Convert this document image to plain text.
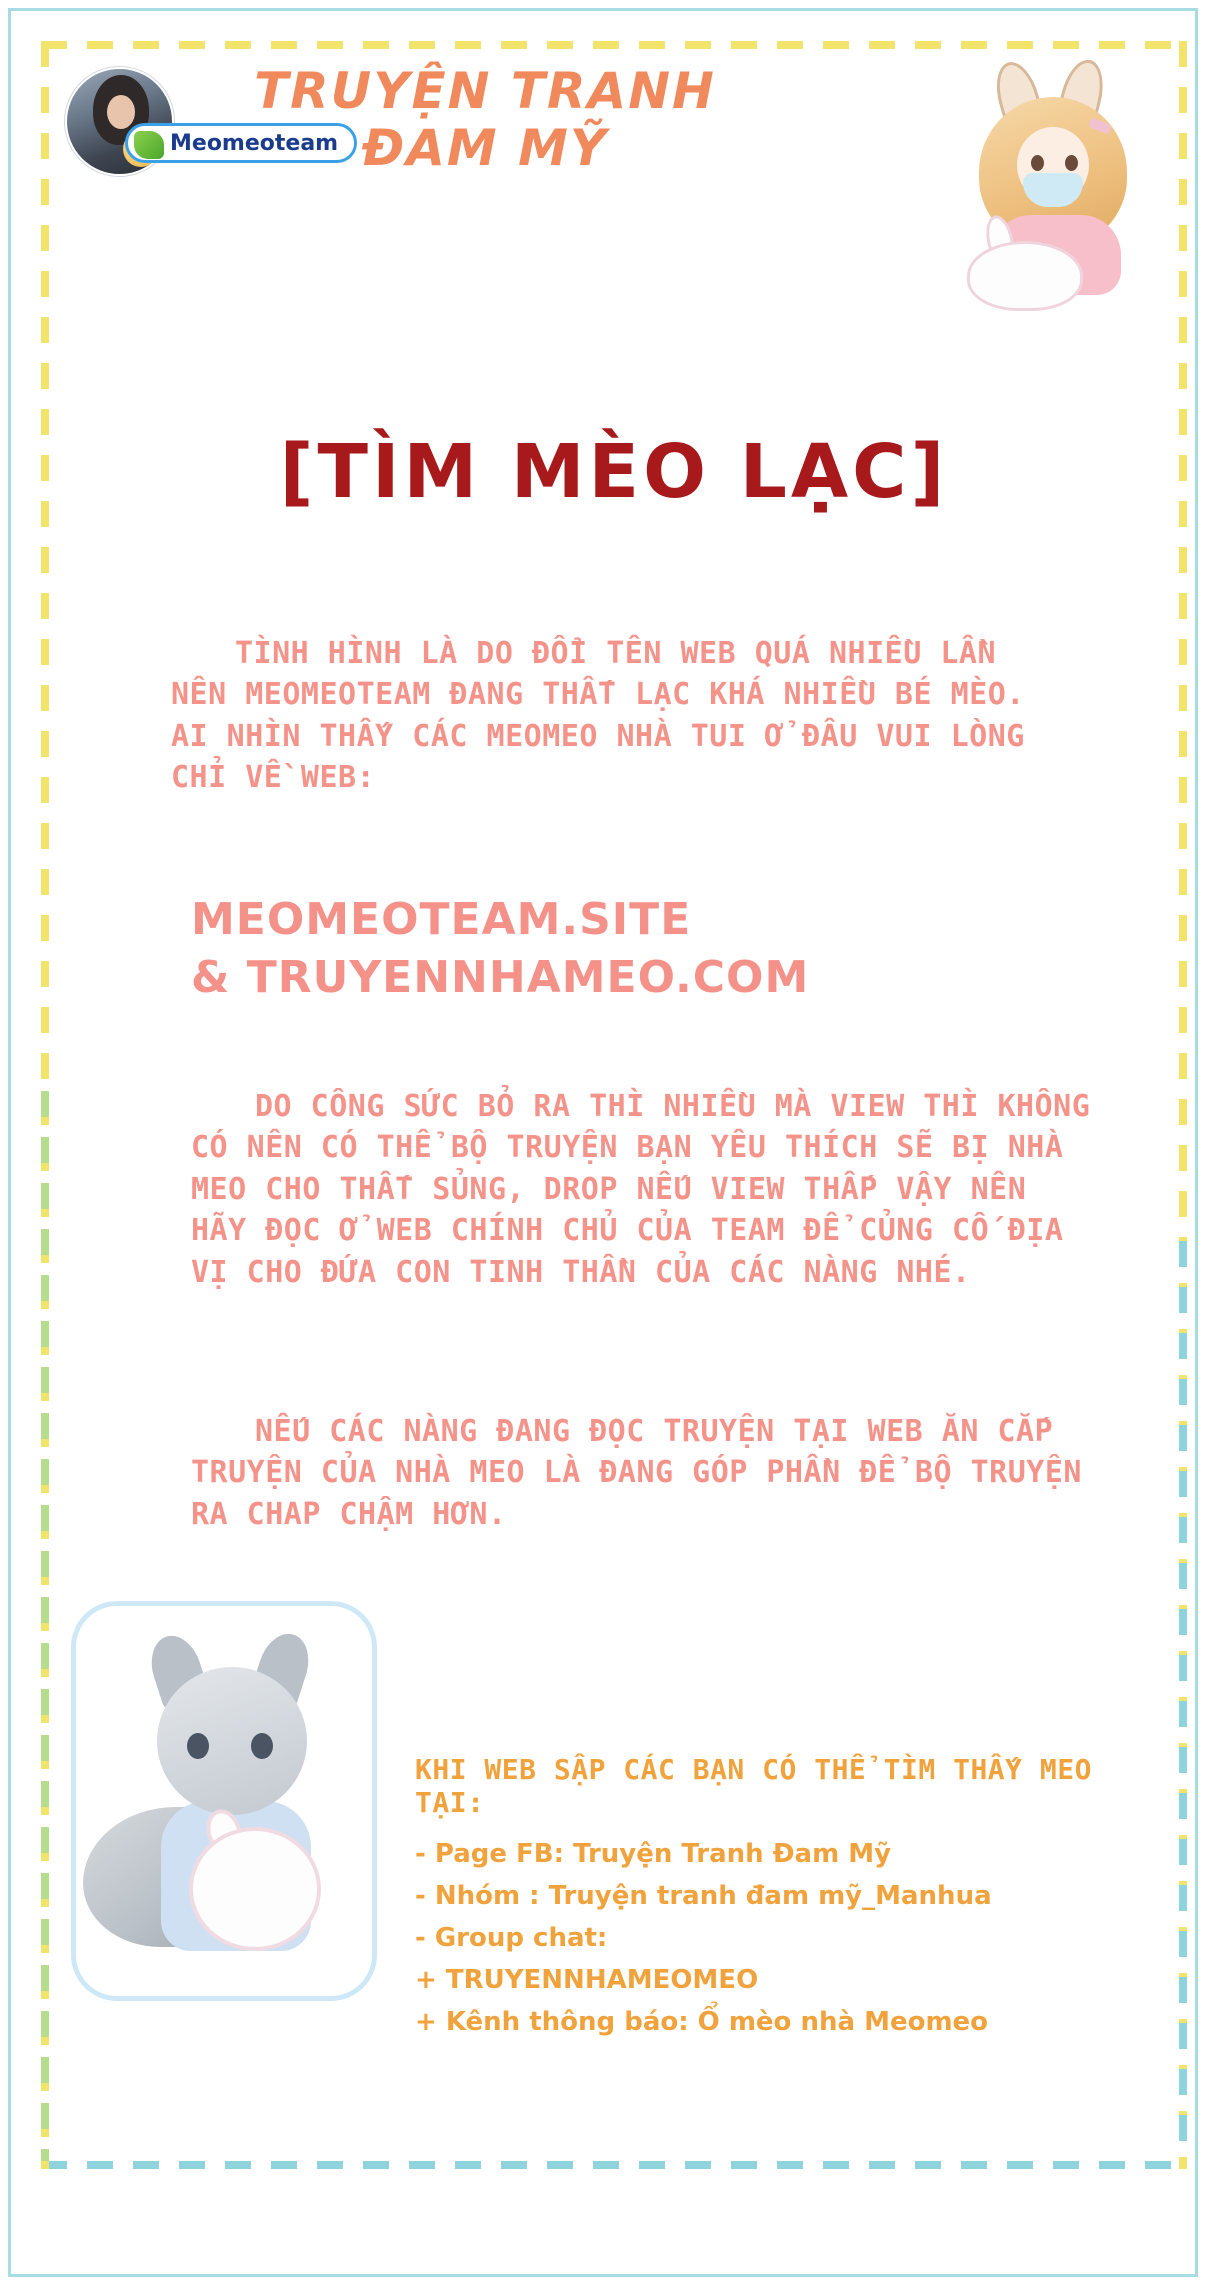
Meomeoteam
TRUYỆN TRANH
ĐAM MỸ
[TÌM MÈO LẠC]
TÌNH HÌNH LÀ DO ĐỔI TÊN WEB QUÁ NHIỀU LẦN NÊN MEOMEOTEAM ĐANG THẤT LẠC KHÁ NHIỀU BÉ MÈO. AI NHÌN THẤY CÁC MEOMEO NHÀ TUI Ở ĐÂU VUI LÒNG CHỈ VỀ WEB:
MEOMEOTEAM.SITE
& TRUYENNHAMEO.COM
DO CÔNG SỨC BỎ RA THÌ NHIỀU MÀ VIEW THÌ KHÔNG CÓ NÊN CÓ THỂ BỘ TRUYỆN BẠN YÊU THÍCH SẼ BỊ NHÀ MEO CHO THẤT SỦNG, DROP NẾU VIEW THẤP VẬY NÊN HÃY ĐỌC Ở WEB CHÍNH CHỦ CỦA TEAM ĐỂ CỦNG CỐ ĐỊA VỊ CHO ĐỨA CON TINH THẦN CỦA CÁC NÀNG NHÉ.
NẾU CÁC NÀNG ĐANG ĐỌC TRUYỆN TẠI WEB ĂN CẮP TRUYỆN CỦA NHÀ MEO LÀ ĐANG GÓP PHẦN ĐỂ BỘ TRUYỆN RA CHAP CHẬM HƠN.
KHI WEB SẬP CÁC BẠN CÓ THỂ TÌM THẤY MEO TẠI:
- Page FB: Truyện Tranh Đam Mỹ
- Nhóm : Truyện tranh đam mỹ_Manhua
- Group chat:
+ TRUYENNHAMEOMEO
+ Kênh thông báo: Ổ mèo nhà Meomeo
